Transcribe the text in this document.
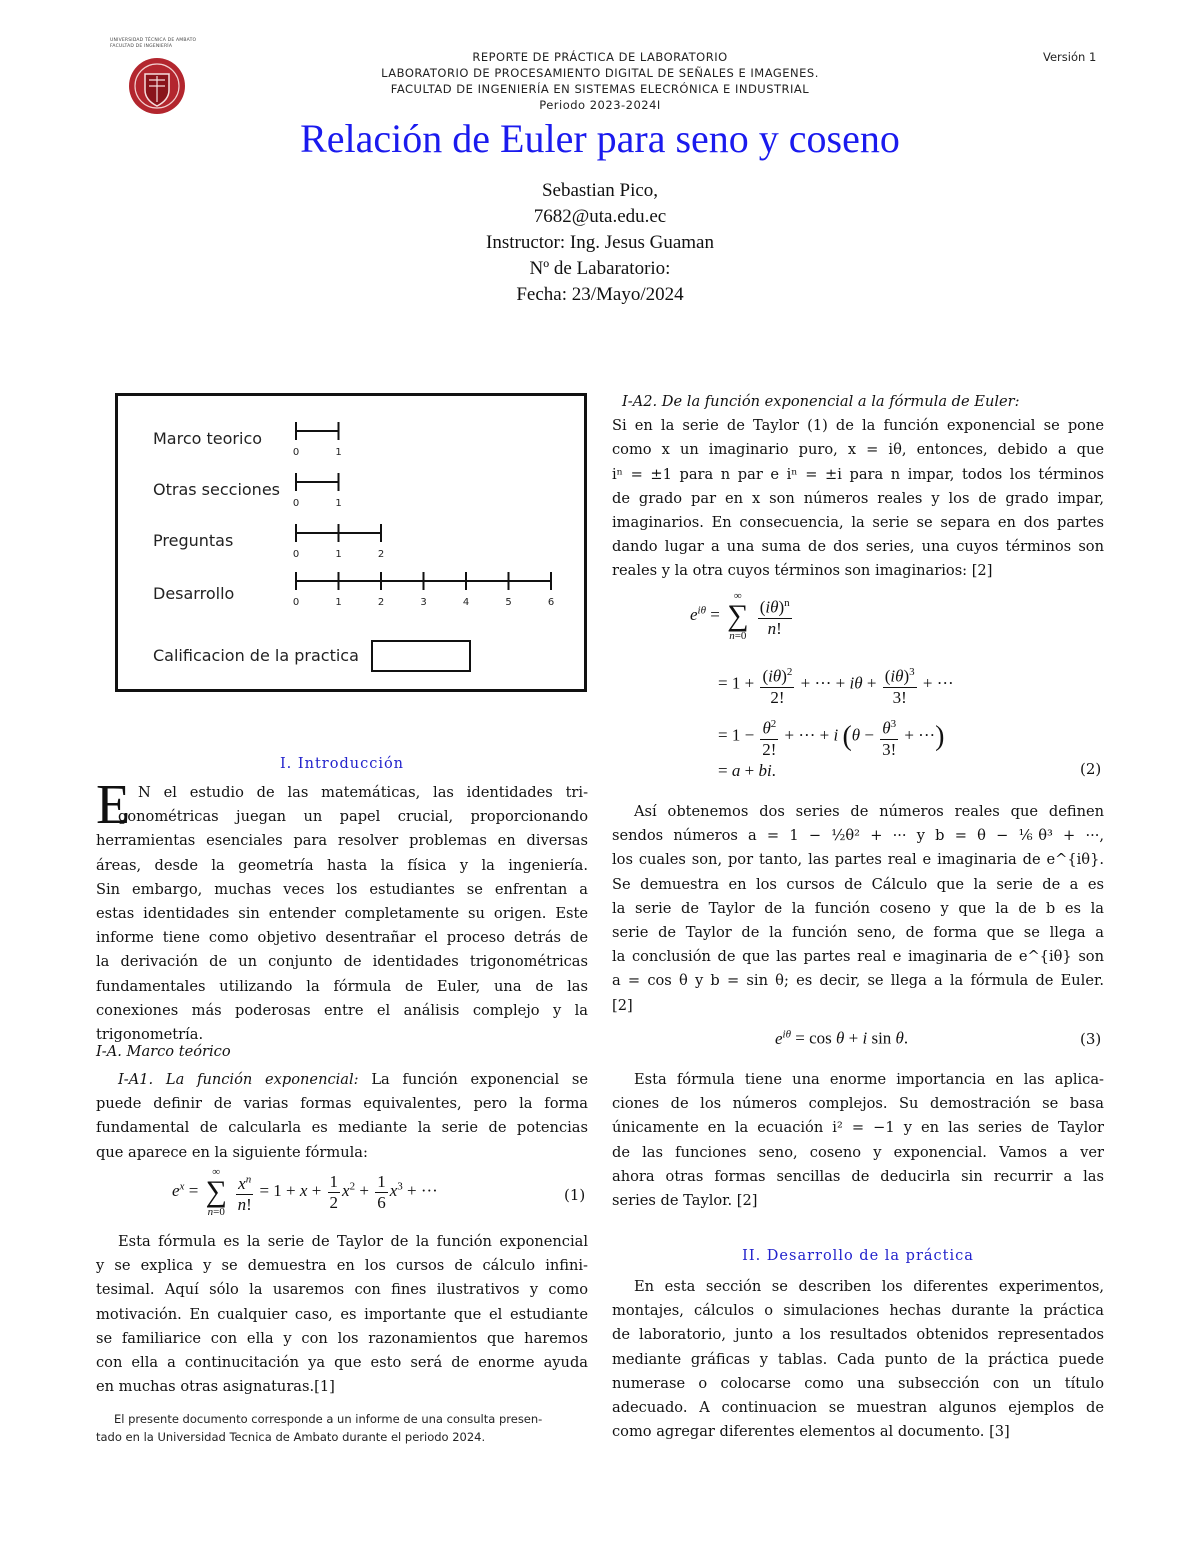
UNIVERSIDAD TÉCNICA DE AMBATO
FACULTAD DE INGENIERÍA
REPORTE DE PRÁCTICA DE LABORATORIO
LABORATORIO DE PROCESAMIENTO DIGITAL DE SEÑALES E IMAGENES.
FACULTAD DE INGENIERÍA EN SISTEMAS ELECRÓNICA E INDUSTRIAL
Periodo 2023-2024I
Versión 1
Relación de Euler para seno y coseno
Sebastian Pico,
7682@uta.edu.ec
Instructor: Ing. Jesus Guaman
Nº de Labaratorio:
Fecha: 23/Mayo/2024
Marco teorico
Otras secciones
Preguntas
Desarrollo
0	1
0	1
0	1	2
0	1	2	3	4	5	6
Calificacion de la practica
I. Introducción
E N el estudio de las matemáticas, las identidades tri-
gonométricas juegan un papel crucial, proporcionando
herramientas esenciales para resolver problemas en diversas
áreas, desde la geometría hasta la física y la ingeniería.
Sin embargo, muchas veces los estudiantes se enfrentan a
estas identidades sin entender completamente su origen. Este
informe tiene como objetivo desentrañar el proceso detrás de
la derivación de un conjunto de identidades trigonométricas
fundamentales utilizando la fórmula de Euler, una de las
conexiones más poderosas entre el análisis complejo y la
trigonometría.
I-A. Marco teórico
I-A1. La función exponencial: La función exponencial se
puede definir de varias formas equivalentes, pero la forma
fundamental de calcularla es mediante la serie de potencias
que aparece en la siguiente fórmula:
$e^x$ =
∞
∑
n=0
$\frac{x^n}{n!} = 1 + x + \frac{1}{2} x^2 + \frac{1}{6} x^3$ + ···	(1)
Esta fórmula es la serie de Taylor de la función exponencial
y se explica y se demuestra en los cursos de cálculo infini-
tesimal. Aquí sólo la usaremos con fines ilustrativos y como
motivación. En cualquier caso, es importante que el estudiante
se familiarice con ella y con los razonamientos que haremos
con ella a continucitación ya que esto será de enorme ayuda
en muchas otras asignaturas.[1]
El presente documento corresponde a un informe de una consulta presen-
tado en la Universidad Tecnica de Ambato durante el periodo 2024.
I-A2. De la función exponencial a la fórmula de Euler:
Si en la serie de Taylor (1) de la función exponencial se pone
como x un imaginario puro, x = iθ, entonces, debido a que
iⁿ = ±1 para n par e iⁿ = ±i para n impar, todos los términos
de grado par en x son números reales y los de grado impar,
imaginarios. En consecuencia, la serie se separa en dos partes
dando lugar a una suma de dos series, una cuyos términos son
reales y la otra cuyos términos son imaginarios: [2]
$e^{i\theta}$ =
∞
∑
n=0
$\frac{(i\theta)^n}{n!}$
= $1 + \frac{(i\theta)^2}{2!}$ + ··· + $i\theta + \frac{(i\theta)^3}{3!}$ + ···
= $1 - \frac{\theta^2}{2!}$ + ··· + i ($\theta - \frac{\theta^3}{3!}$ + ···)
= a + bi.	(2)
Así obtenemos dos series de números reales que definen
sendos números a = 1 − ½θ² + ··· y b = θ − ⅙θ³ + ···,
los cuales son, por tanto, las partes real e imaginaria de e^{iθ}.
Se demuestra en los cursos de Cálculo que la serie de a es
la serie de Taylor de la función coseno y que la de b es la
serie de Taylor de la función seno, de forma que se llega a
la conclusión de que las partes real e imaginaria de e^{iθ} son
a = cos θ y b = sin θ; es decir, se llega a la fórmula de Euler.
[2]
$e^{i\theta} = \cos \theta + i$ sin θ.	(3)
Esta fórmula tiene una enorme importancia en las aplica-
ciones de los números complejos. Su demostración se basa
únicamente en la ecuación i² = −1 y en las series de Taylor
de las funciones seno, coseno y exponencial. Vamos a ver
ahora otras formas sencillas de deducirla sin recurrir a las
series de Taylor. [2]
II. Desarrollo de la práctica
En esta sección se describen los diferentes experimentos,
montajes, cálculos o simulaciones hechas durante la práctica
de laboratorio, junto a los resultados obtenidos representados
mediante gráficas y tablas. Cada punto de la práctica puede
numerase o colocarse como una subsección con un título
adecuado. A continuacion se muestran algunos ejemplos de
como agregar diferentes elementos al documento. [3]
